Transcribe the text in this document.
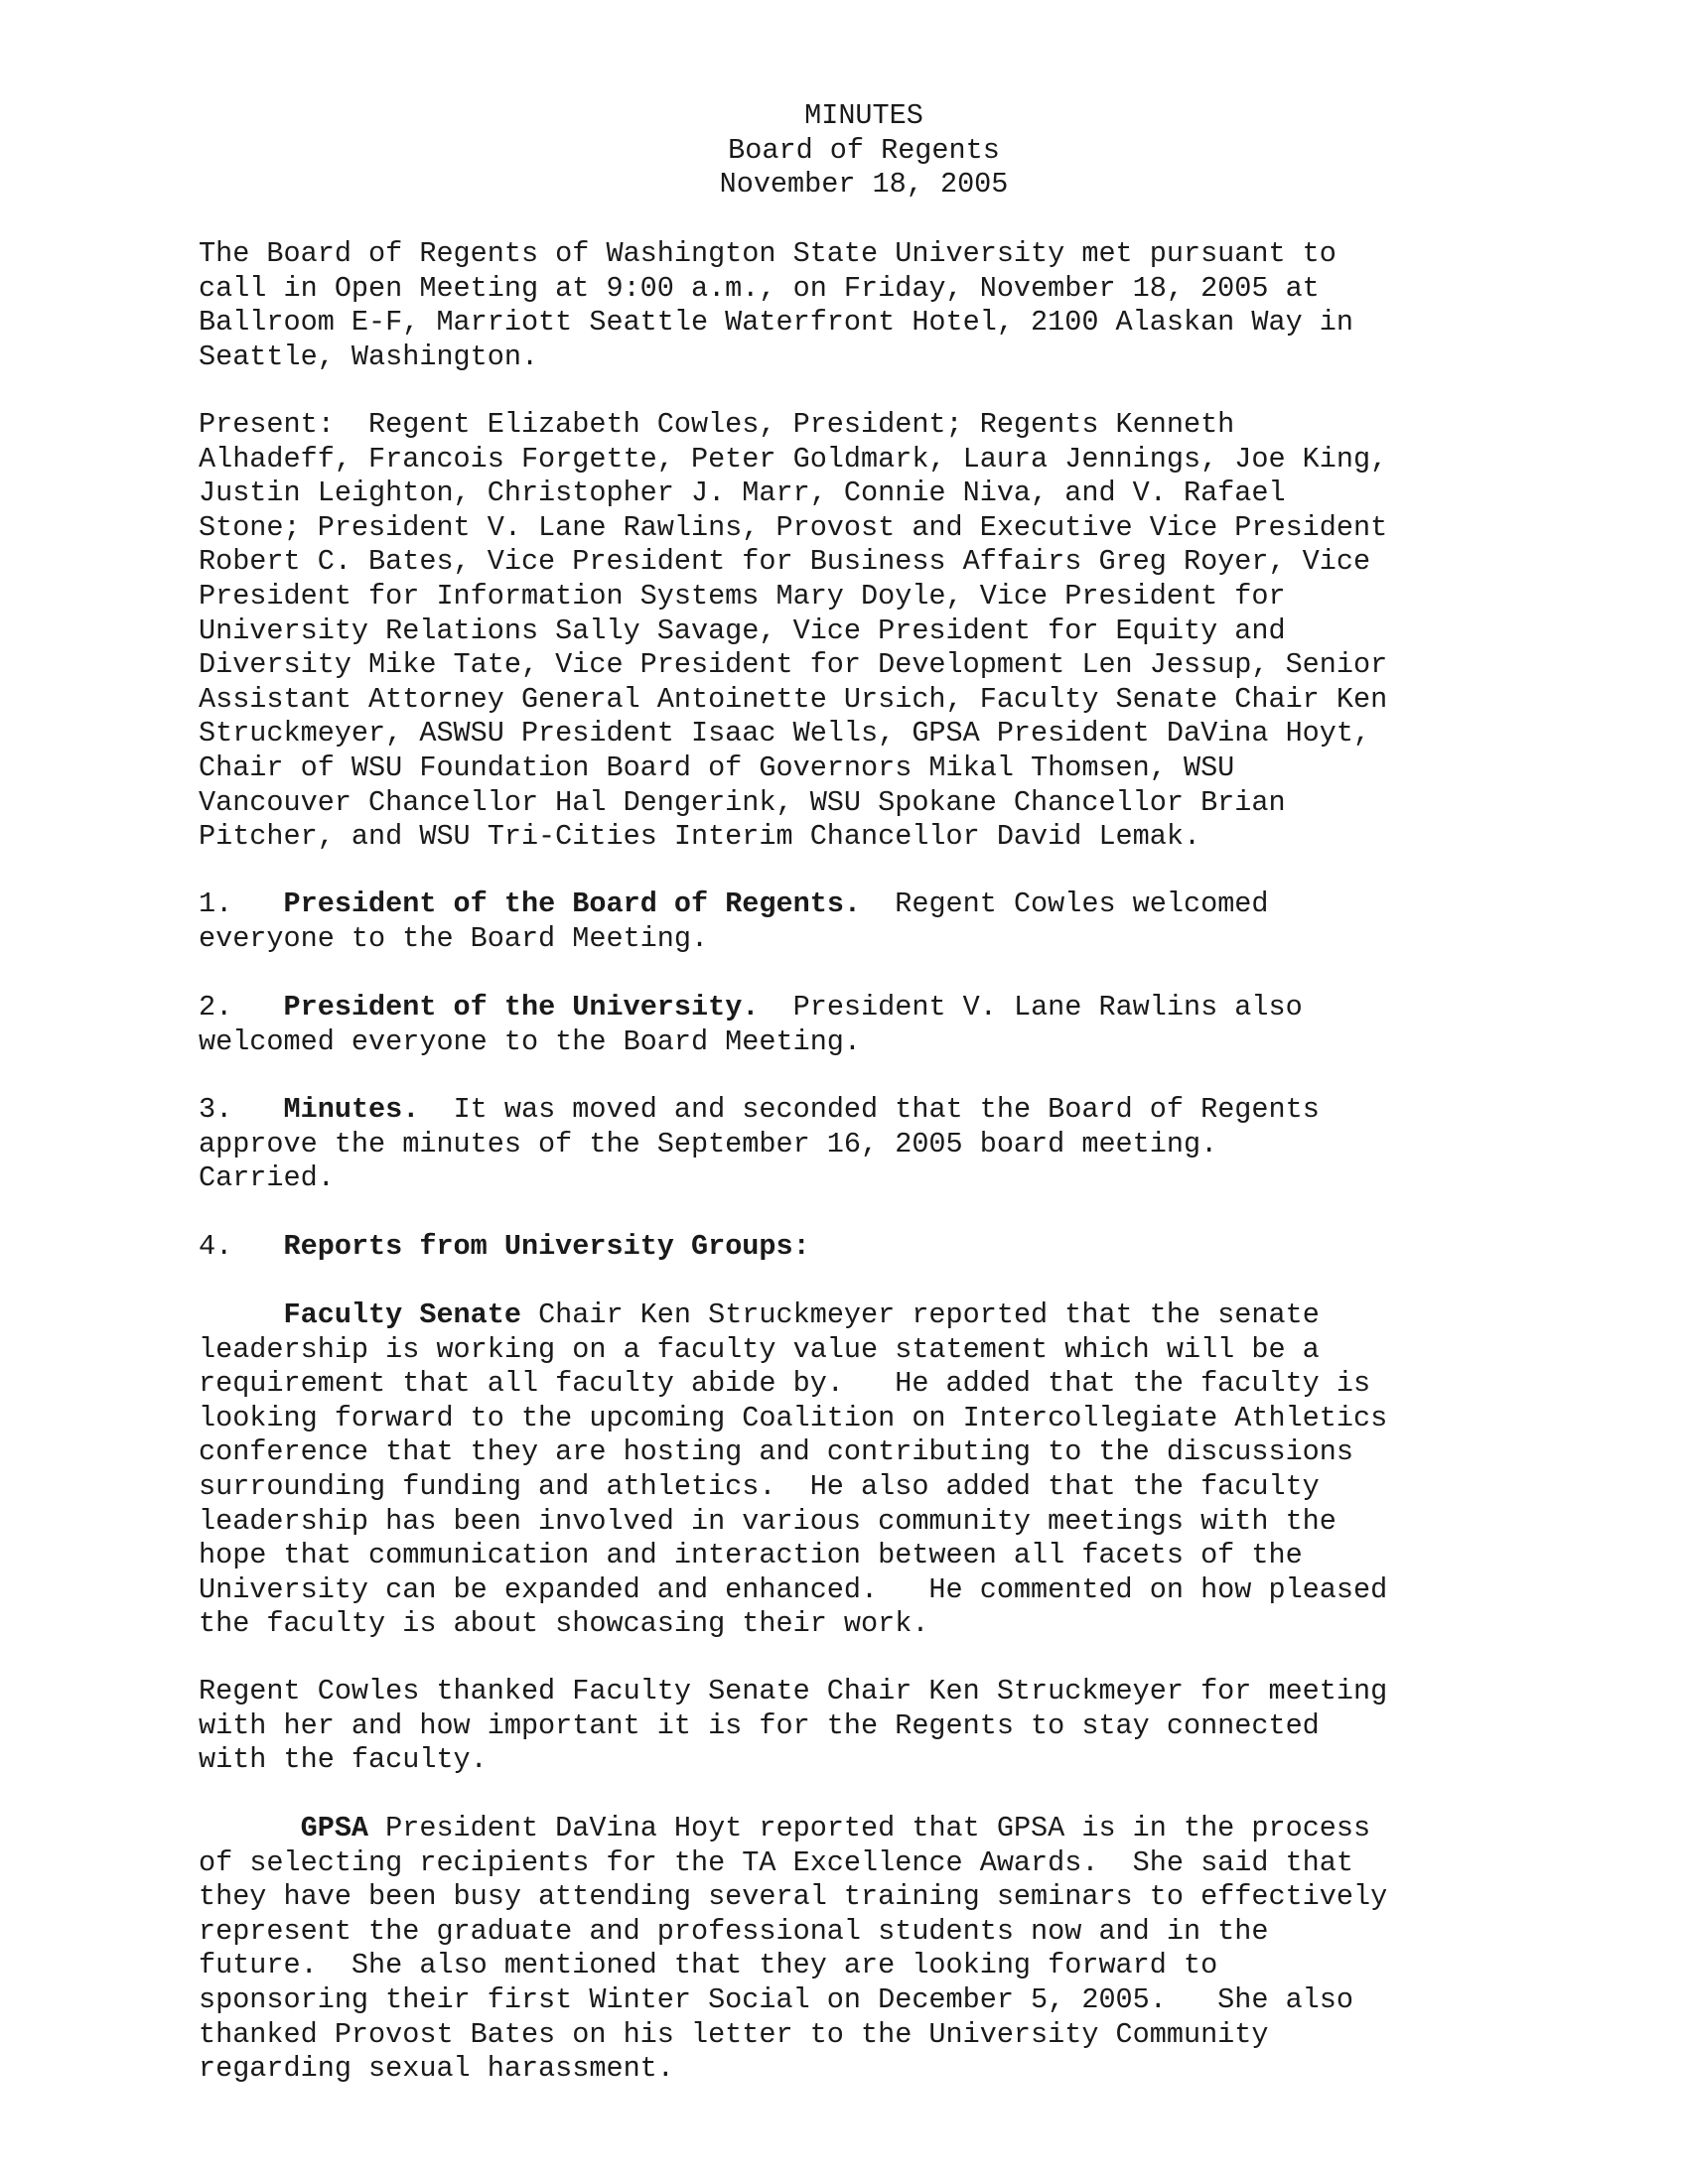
MINUTES
Board of Regents
November 18, 2005
The Board of Regents of Washington State University met pursuant to
call in Open Meeting at 9:00 a.m., on Friday, November 18, 2005 at
Ballroom E-F, Marriott Seattle Waterfront Hotel, 2100 Alaskan Way in
Seattle, Washington.
Present:  Regent Elizabeth Cowles, President; Regents Kenneth
Alhadeff, Francois Forgette, Peter Goldmark, Laura Jennings, Joe King,
Justin Leighton, Christopher J. Marr, Connie Niva, and V. Rafael
Stone; President V. Lane Rawlins, Provost and Executive Vice President
Robert C. Bates, Vice President for Business Affairs Greg Royer, Vice
President for Information Systems Mary Doyle, Vice President for
University Relations Sally Savage, Vice President for Equity and
Diversity Mike Tate, Vice President for Development Len Jessup, Senior
Assistant Attorney General Antoinette Ursich, Faculty Senate Chair Ken
Struckmeyer, ASWSU President Isaac Wells, GPSA President DaVina Hoyt,
Chair of WSU Foundation Board of Governors Mikal Thomsen, WSU
Vancouver Chancellor Hal Dengerink, WSU Spokane Chancellor Brian
Pitcher, and WSU Tri-Cities Interim Chancellor David Lemak.
1. President of the Board of Regents.  Regent Cowles welcomed
everyone to the Board Meeting.
2. President of the University.  President V. Lane Rawlins also
welcomed everyone to the Board Meeting.
3. Minutes.  It was moved and seconded that the Board of Regents
approve the minutes of the September 16, 2005 board meeting.
Carried.
4. Reports from University Groups:
Faculty Senate Chair Ken Struckmeyer reported that the senate
leadership is working on a faculty value statement which will be a
requirement that all faculty abide by.   He added that the faculty is
looking forward to the upcoming Coalition on Intercollegiate Athletics
conference that they are hosting and contributing to the discussions
surrounding funding and athletics.  He also added that the faculty
leadership has been involved in various community meetings with the
hope that communication and interaction between all facets of the
University can be expanded and enhanced.   He commented on how pleased
the faculty is about showcasing their work.
Regent Cowles thanked Faculty Senate Chair Ken Struckmeyer for meeting
with her and how important it is for the Regents to stay connected
with the faculty.
GPSA President DaVina Hoyt reported that GPSA is in the process
of selecting recipients for the TA Excellence Awards.  She said that
they have been busy attending several training seminars to effectively
represent the graduate and professional students now and in the
future.  She also mentioned that they are looking forward to
sponsoring their first Winter Social on December 5, 2005.   She also
thanked Provost Bates on his letter to the University Community
regarding sexual harassment.
